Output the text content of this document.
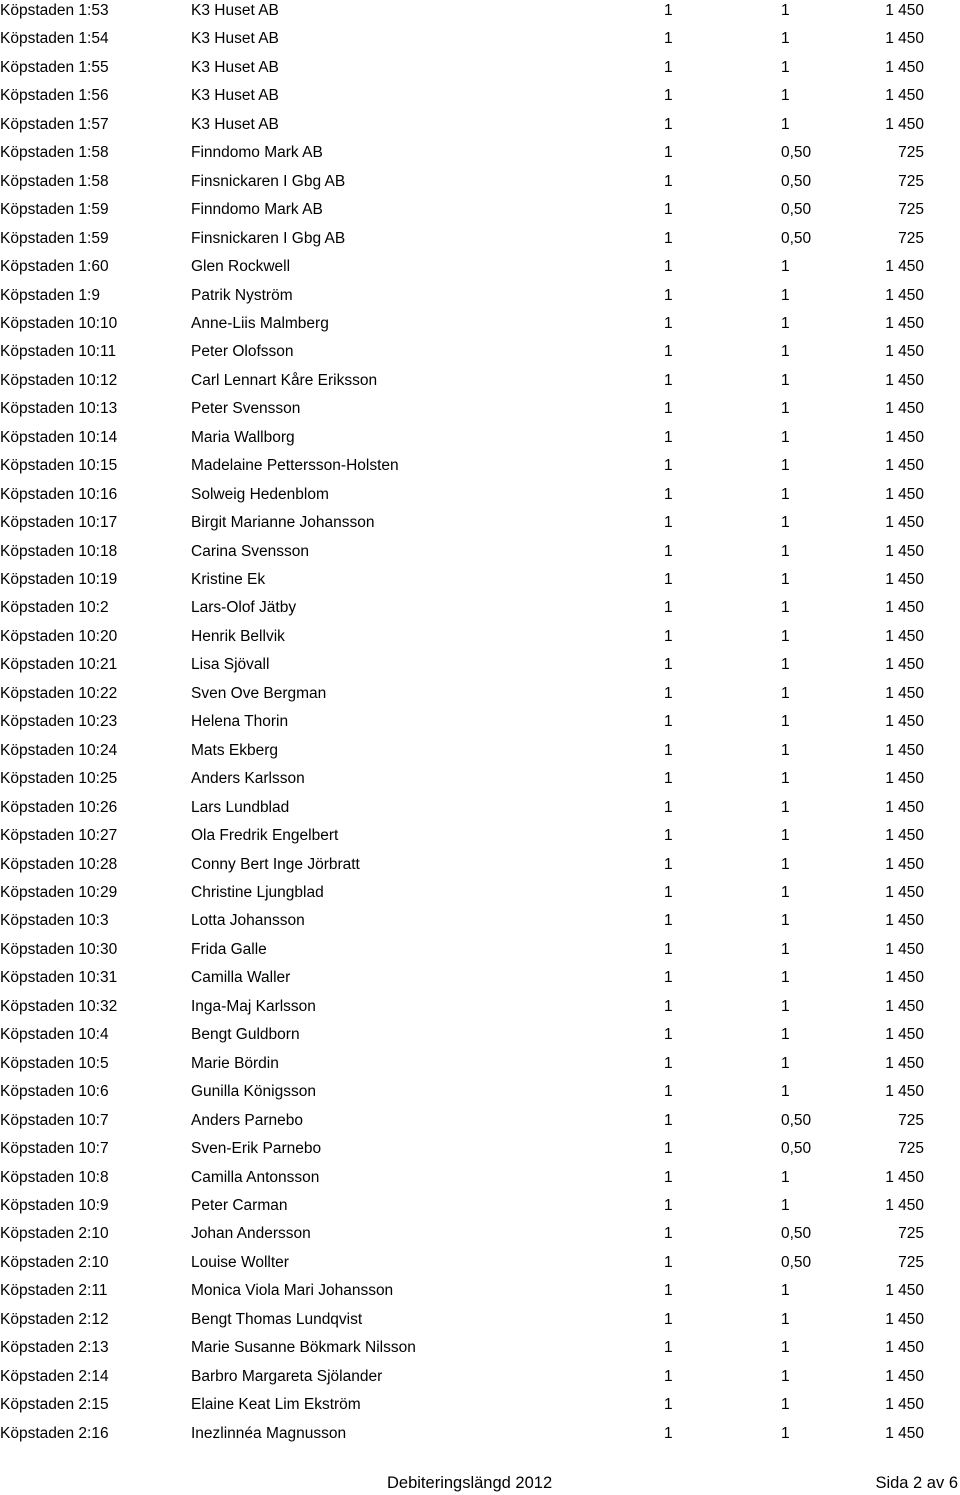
Köpstaden 1:53	K3 Huset AB	1	1	1 450
Köpstaden 1:54	K3 Huset AB	1	1	1 450
Köpstaden 1:55	K3 Huset AB	1	1	1 450
Köpstaden 1:56	K3 Huset AB	1	1	1 450
Köpstaden 1:57	K3 Huset AB	1	1	1 450
Köpstaden 1:58	Finndomo Mark AB	1	0,50	725
Köpstaden 1:58	Finsnickaren I Gbg AB	1	0,50	725
Köpstaden 1:59	Finndomo Mark AB	1	0,50	725
Köpstaden 1:59	Finsnickaren I Gbg AB	1	0,50	725
Köpstaden 1:60	Glen Rockwell	1	1	1 450
Köpstaden 1:9	Patrik Nyström	1	1	1 450
Köpstaden 10:10	Anne-Liis Malmberg	1	1	1 450
Köpstaden 10:11	Peter Olofsson	1	1	1 450
Köpstaden 10:12	Carl Lennart Kåre Eriksson	1	1	1 450
Köpstaden 10:13	Peter Svensson	1	1	1 450
Köpstaden 10:14	Maria Wallborg	1	1	1 450
Köpstaden 10:15	Madelaine Pettersson-Holsten	1	1	1 450
Köpstaden 10:16	Solweig Hedenblom	1	1	1 450
Köpstaden 10:17	Birgit Marianne Johansson	1	1	1 450
Köpstaden 10:18	Carina Svensson	1	1	1 450
Köpstaden 10:19	Kristine Ek	1	1	1 450
Köpstaden 10:2	Lars-Olof Jätby	1	1	1 450
Köpstaden 10:20	Henrik Bellvik	1	1	1 450
Köpstaden 10:21	Lisa Sjövall	1	1	1 450
Köpstaden 10:22	Sven Ove Bergman	1	1	1 450
Köpstaden 10:23	Helena Thorin	1	1	1 450
Köpstaden 10:24	Mats Ekberg	1	1	1 450
Köpstaden 10:25	Anders Karlsson	1	1	1 450
Köpstaden 10:26	Lars Lundblad	1	1	1 450
Köpstaden 10:27	Ola Fredrik Engelbert	1	1	1 450
Köpstaden 10:28	Conny Bert Inge Jörbratt	1	1	1 450
Köpstaden 10:29	Christine Ljungblad	1	1	1 450
Köpstaden 10:3	Lotta Johansson	1	1	1 450
Köpstaden 10:30	Frida Galle	1	1	1 450
Köpstaden 10:31	Camilla Waller	1	1	1 450
Köpstaden 10:32	Inga-Maj Karlsson	1	1	1 450
Köpstaden 10:4	Bengt Guldborn	1	1	1 450
Köpstaden 10:5	Marie Bördin	1	1	1 450
Köpstaden 10:6	Gunilla Königsson	1	1	1 450
Köpstaden 10:7	Anders Parnebo	1	0,50	725
Köpstaden 10:7	Sven-Erik Parnebo	1	0,50	725
Köpstaden 10:8	Camilla Antonsson	1	1	1 450
Köpstaden 10:9	Peter Carman	1	1	1 450
Köpstaden 2:10	Johan Andersson	1	0,50	725
Köpstaden 2:10	Louise Wollter	1	0,50	725
Köpstaden 2:11	Monica Viola Mari Johansson	1	1	1 450
Köpstaden 2:12	Bengt Thomas Lundqvist	1	1	1 450
Köpstaden 2:13	Marie Susanne Bökmark Nilsson	1	1	1 450
Köpstaden 2:14	Barbro Margareta Sjölander	1	1	1 450
Köpstaden 2:15	Elaine Keat Lim Ekström	1	1	1 450
Köpstaden 2:16	Inezlinnéa Magnusson	1	1	1 450
Debiteringslängd 2012	Sida 2 av 6
